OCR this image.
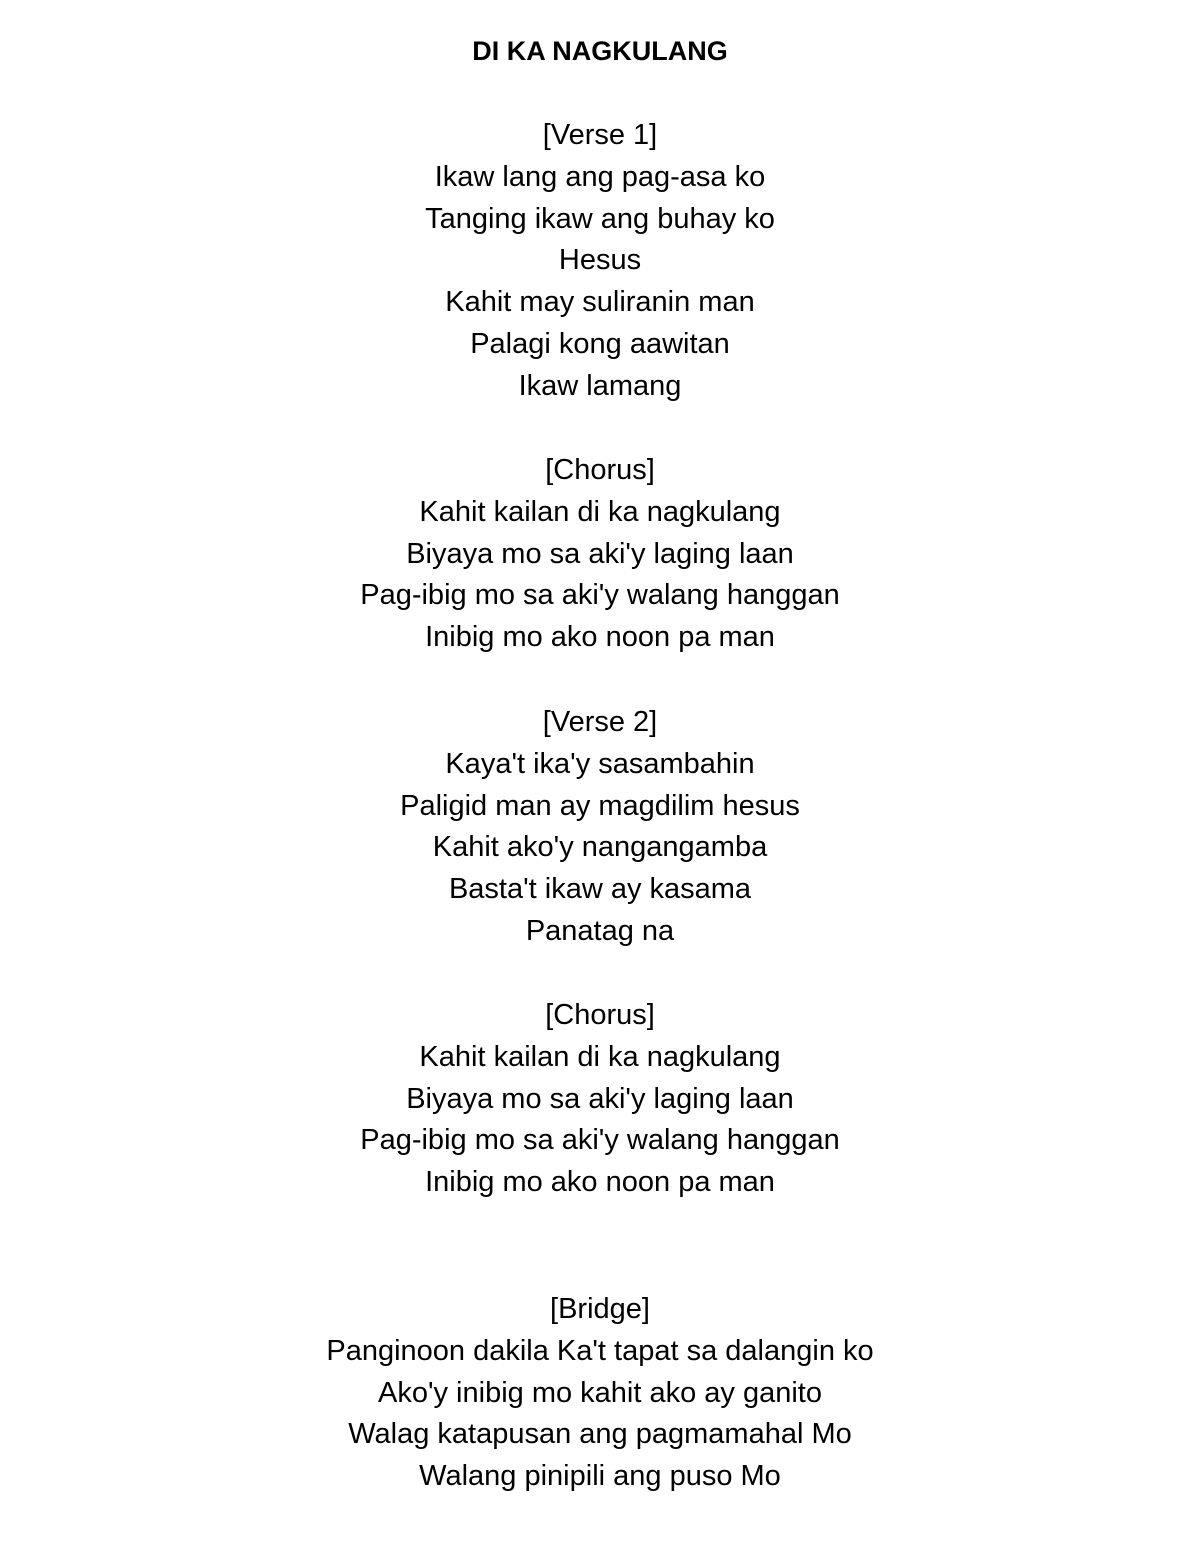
DI KA NAGKULANG
[Verse 1]
Ikaw lang ang pag-asa ko
Tanging ikaw ang buhay ko
Hesus
Kahit may suliranin man
Palagi kong aawitan
Ikaw lamang
[Chorus]
Kahit kailan di ka nagkulang
Biyaya mo sa aki'y laging laan
Pag-ibig mo sa aki'y walang hanggan
Inibig mo ako noon pa man
[Verse 2]
Kaya't ika'y sasambahin
Paligid man ay magdilim hesus
Kahit ako'y nangangamba
Basta't ikaw ay kasama
Panatag na
[Chorus]
Kahit kailan di ka nagkulang
Biyaya mo sa aki'y laging laan
Pag-ibig mo sa aki'y walang hanggan
Inibig mo ako noon pa man
[Bridge]
Panginoon dakila Ka't tapat sa dalangin ko
Ako'y inibig mo kahit ako ay ganito
Walag katapusan ang pagmamahal Mo
Walang pinipili ang puso Mo
